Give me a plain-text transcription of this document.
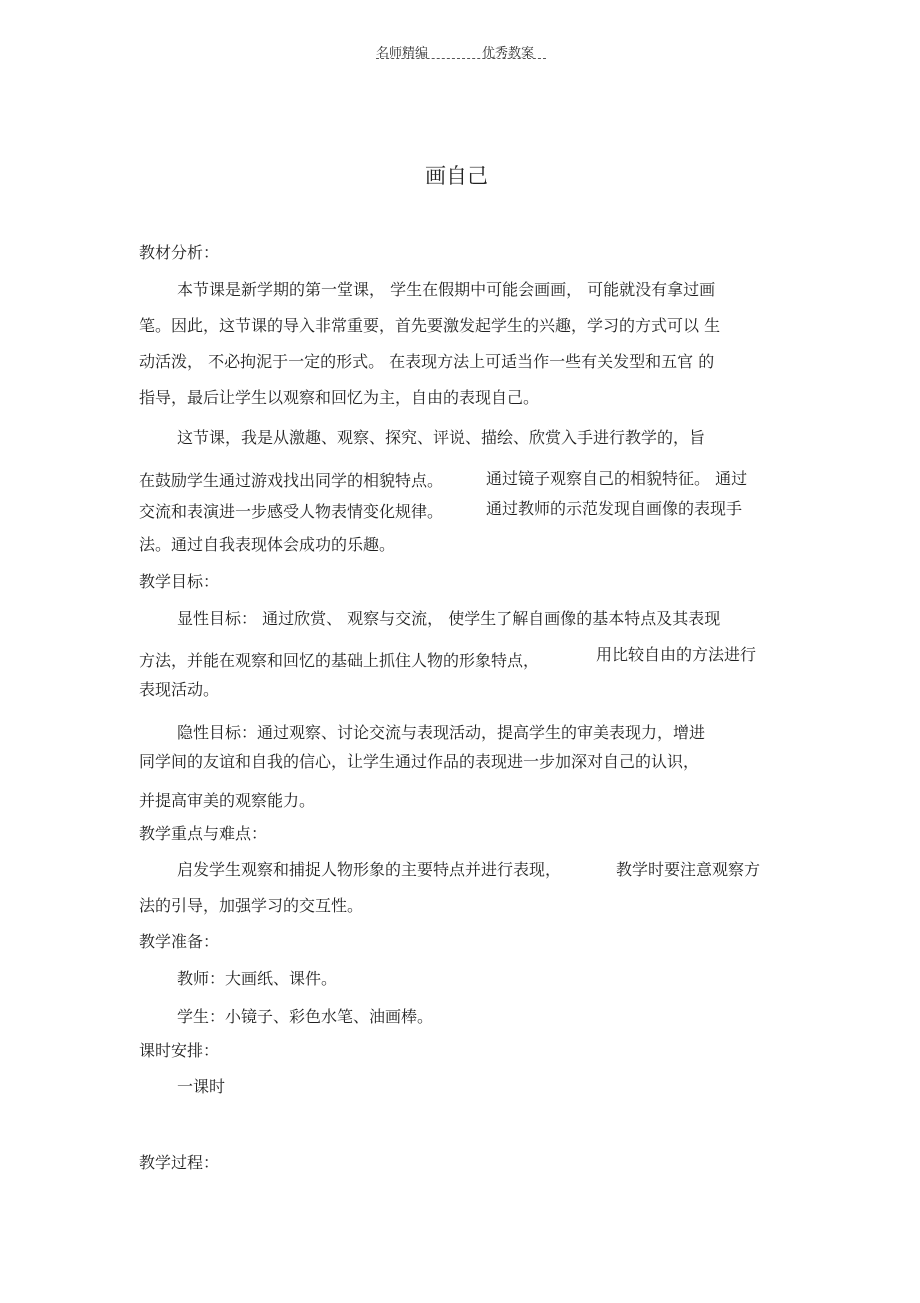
名师精编	优秀教案
画自己
教材分析：
本节课是新学期的第一堂课， 学生在假期中可能会画画， 可能就没有拿过画
笔。因此，这节课的导入非常重要，首先要激发起学生的兴趣，学习的方式可以 生
动活泼， 不必拘泥于一定的形式。 在表现方法上可适当作一些有关发型和五官 的
指导，最后让学生以观察和回忆为主，自由的表现自己。
这节课，我是从激趣、观察、探究、评说、描绘、欣赏入手进行教学的，旨
在鼓励学生通过游戏找出同学的相貌特点。	通过镜子观察自己的相貌特征。 通过
交流和表演进一步感受人物表情变化规律。	通过教师的示范发现自画像的表现手
法。通过自我表现体会成功的乐趣。
教学目标：
显性目标： 通过欣赏、 观察与交流， 使学生了解自画像的基本特点及其表现
方法，并能在观察和回忆的基础上抓住人物的形象特点，	用比较自由的方法进行
表现活动。
隐性目标：通过观察、讨论交流与表现活动，提高学生的审美表现力，增进
同学间的友谊和自我的信心，让学生通过作品的表现进一步加深对自己的认识，
并提高审美的观察能力。
教学重点与难点：
启发学生观察和捕捉人物形象的主要特点并进行表现，	教学时要注意观察方
法的引导，加强学习的交互性。
教学准备：
教师：大画纸、课件。
学生：小镜子、彩色水笔、油画棒。
课时安排：
一课时
教学过程：
